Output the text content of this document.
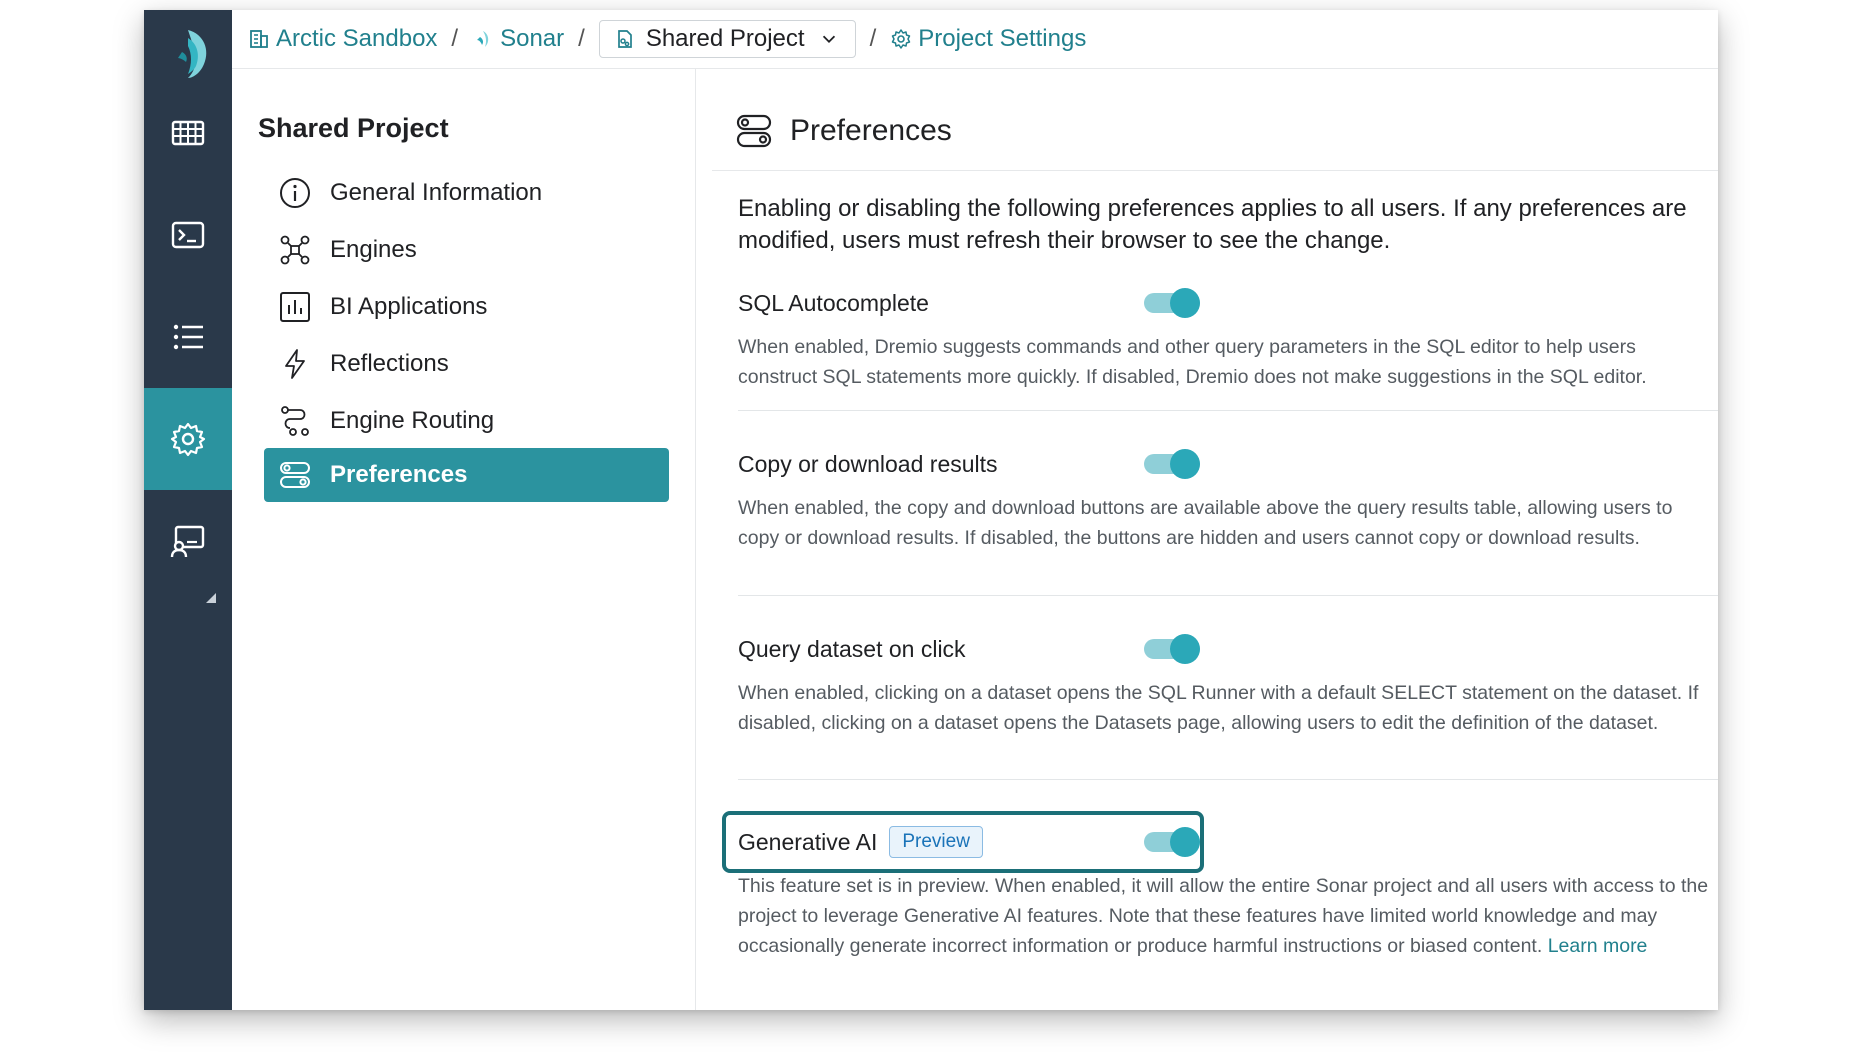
Arctic Sandbox / Sonar /	Shared Project	/ Project Settings
Shared Project
General Information
Engines
BI Applications
Reflections
Engine Routing
Preferences
Preferences
Enabling or disabling the following preferences applies to all users. If any preferences are modified, users must refresh their browser to see the change.
SQL Autocomplete
When enabled, Dremio suggests commands and other query parameters in the SQL editor to help users construct SQL statements more quickly. If disabled, Dremio does not make suggestions in the SQL editor.
Copy or download results
When enabled, the copy and download buttons are available above the query results table, allowing users to copy or download results. If disabled, the buttons are hidden and users cannot copy or download results.
Query dataset on click
When enabled, clicking on a dataset opens the SQL Runner with a default SELECT statement on the dataset. If disabled, clicking on a dataset opens the Datasets page, allowing users to edit the definition of the dataset.
Generative AI	Preview
This feature set is in preview. When enabled, it will allow the entire Sonar project and all users with access to the project to leverage Generative AI features. Note that these features have limited world knowledge and may occasionally generate incorrect information or produce harmful instructions or biased content. Learn more
